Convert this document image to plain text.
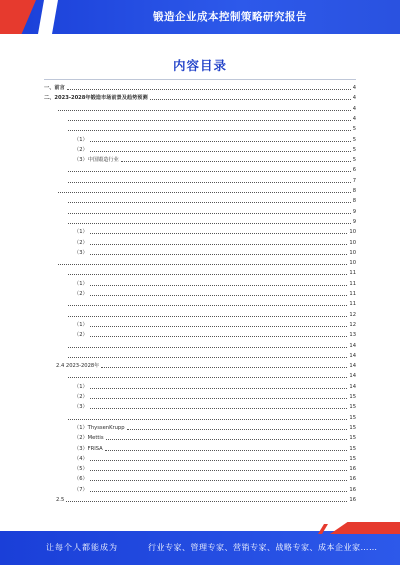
锻造企业成本控制策略研究报告
内容目录
一、前言	4
二、2023-2028年锻造市场前景及趋势预测	4
4
4
5
（1）	5
（2）	5
（3）中国锻造行业	5
6
7
8
8
9
9
（1）	10
（2）	10
（3）	10
10
11
（1）	11
（2）	11
11
12
（1）	12
（2）	13
14
14
2.4 2023-2028年	14
14
（1）	14
（2）	15
（3）	15
15
（1）ThyssenKrupp	15
（2）Mettis	15
（3）FRISA	15
（4）	15
（5）	16
（6）	16
（7）	16
2.5	16
让每个人都能成为	行业专家、管理专家、营销专家、战略专家、成本企业家……
